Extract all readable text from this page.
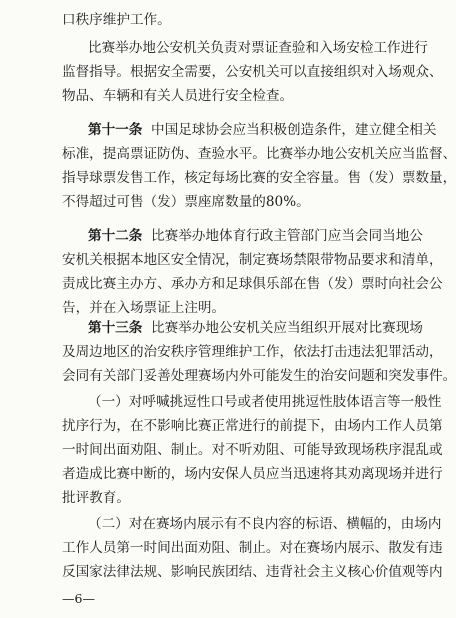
口秩序维护工作。
比赛举办地公安机关负责对票证查验和入场安检工作进行
监督指导。根据安全需要，公安机关可以直接组织对入场观众、
物品、车辆和有关人员进行安全检查。
第十一条 中国足球协会应当积极创造条件，建立健全相关
标准，提高票证防伪、查验水平。比赛举办地公安机关应当监督、
指导球票发售工作，核定每场比赛的安全容量。售（发）票数量，
不得超过可售（发）票座席数量的80%。
第十二条 比赛举办地体育行政主管部门应当会同当地公
安机关根据本地区安全情况，制定赛场禁限带物品要求和清单，
责成比赛主办方、承办方和足球俱乐部在售（发）票时向社会公
告，并在入场票证上注明。
第十三条 比赛举办地公安机关应当组织开展对比赛现场
及周边地区的治安秩序管理维护工作，依法打击违法犯罪活动，
会同有关部门妥善处理赛场内外可能发生的治安问题和突发事件。
（一）对呼喊挑逗性口号或者使用挑逗性肢体语言等一般性
扰序行为，在不影响比赛正常进行的前提下，由场内工作人员第
一时间出面劝阻、制止。对不听劝阻、可能导致现场秩序混乱或
者造成比赛中断的，场内安保人员应当迅速将其劝离现场并进行
批评教育。
（二）对在赛场内展示有不良内容的标语、横幅的，由场内
工作人员第一时间出面劝阻、制止。对在赛场内展示、散发有违
反国家法律法规、影响民族团结、违背社会主义核心价值观等内
—6—
